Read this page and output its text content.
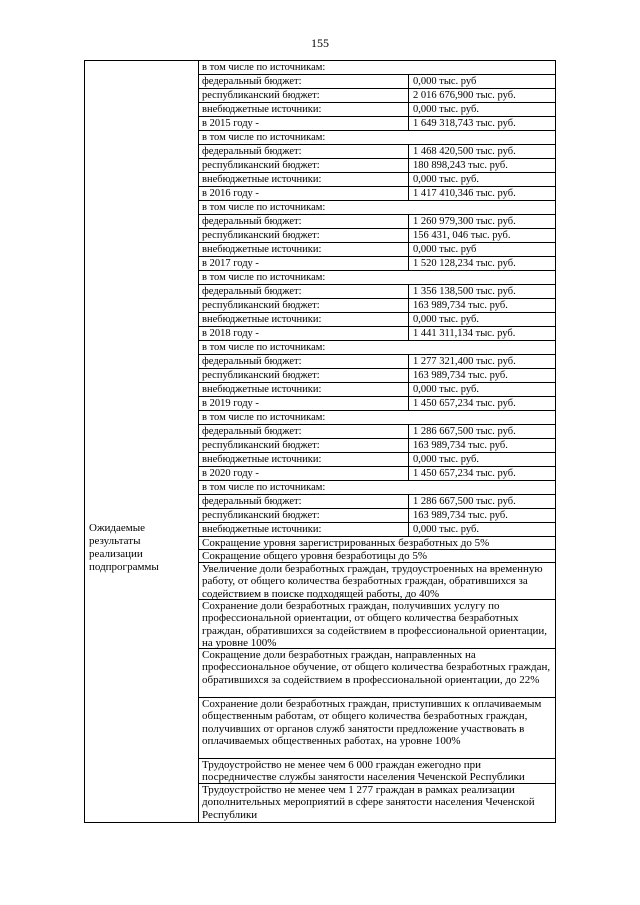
155
Ожидаемые
результаты
реализации
подпрограммы
в том числе по источникам:
федеральный бюджет:	0,000 тыс. руб
республиканский бюджет:	2 016 676,900 тыс. руб.
внебюджетные источники:	0,000 тыс. руб.
в 2015 году -	1 649 318,743 тыс. руб.
в том числе по источникам:
федеральный бюджет:	1 468 420,500 тыс. руб.
республиканский бюджет:	180 898,243 тыс. руб.
внебюджетные источники:	0,000 тыс. руб.
в 2016 году -	1 417 410,346 тыс. руб.
в том числе по источникам:
федеральный бюджет:	1 260 979,300 тыс. руб.
республиканский бюджет:	156 431, 046 тыс. руб.
внебюджетные источники:	0,000 тыс. руб
в 2017 году -	1 520 128,234 тыс. руб.
в том числе по источникам:
федеральный бюджет:	1 356 138,500 тыс. руб.
республиканский бюджет:	163 989,734 тыс. руб.
внебюджетные источники:	0,000 тыс. руб.
в 2018 году -	1 441 311,134 тыс. руб.
в том числе по источникам:
федеральный бюджет:	1 277 321,400 тыс. руб.
республиканский бюджет:	163 989,734 тыс. руб.
внебюджетные источники:	0,000 тыс. руб.
в 2019 году -	1 450 657,234 тыс. руб.
в том числе по источникам:
федеральный бюджет:	1 286 667,500 тыс. руб.
республиканский бюджет:	163 989,734 тыс. руб.
внебюджетные источники:	0,000 тыс. руб.
в 2020 году -	1 450 657,234 тыс. руб.
в том числе по источникам:
федеральный бюджет:	1 286 667,500 тыс. руб.
республиканский бюджет:	163 989,734 тыс. руб.
внебюджетные источники:	0,000 тыс. руб.
Сокращение уровня зарегистрированных безработных до 5%
Сокращение общего уровня безработицы до 5%
Увеличение доли безработных граждан, трудоустроенных на временную работу, от общего количества безработных граждан, обратившихся за содействием в поиске подходящей работы, до 40%
Сохранение доли безработных граждан, получивших услугу по профессиональной ориентации, от общего количества безработных граждан, обратившихся за содействием в профессиональной ориентации, на уровне 100%
Сокращение доли безработных граждан, направленных на профессиональное обучение, от общего количества безработных граждан, обратившихся за содействием в профессиональной ориентации, до 22%
Сохранение доли безработных граждан, приступивших к оплачиваемым общественным работам, от общего количества безработных граждан, получивших от органов служб занятости предложение участвовать в оплачиваемых общественных работах, на уровне 100%
Трудоустройство не менее чем 6 000 граждан ежегодно при посредничестве службы занятости населения Чеченской Республики
Трудоустройство не менее чем 1 277 граждан в рамках реализации дополнительных мероприятий в сфере занятости населения Чеченской Республики
